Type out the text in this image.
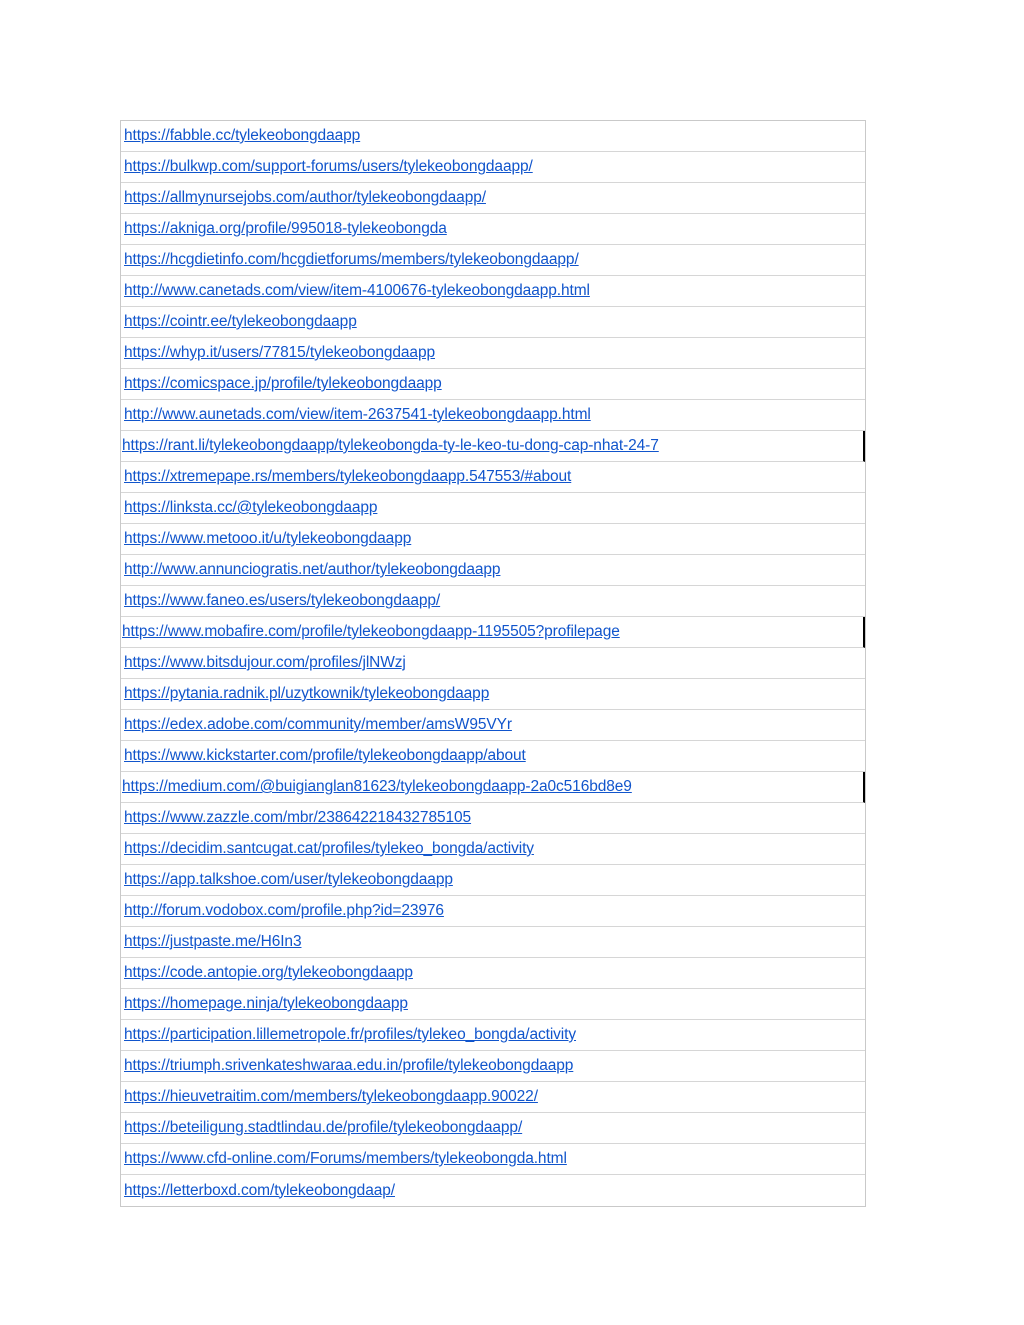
https://fabble.cc/tylekeobongdaapp
https://bulkwp.com/support-forums/users/tylekeobongdaapp/
https://allmynursejobs.com/author/tylekeobongdaapp/
https://akniga.org/profile/995018-tylekeobongda
https://hcgdietinfo.com/hcgdietforums/members/tylekeobongdaapp/
http://www.canetads.com/view/item-4100676-tylekeobongdaapp.html
https://cointr.ee/tylekeobongdaapp
https://whyp.it/users/77815/tylekeobongdaapp
https://comicspace.jp/profile/tylekeobongdaapp
http://www.aunetads.com/view/item-2637541-tylekeobongdaapp.html
https://rant.li/tylekeobongdaapp/tylekeobongda-ty-le-keo-tu-dong-cap-nhat-24-7
https://xtremepape.rs/members/tylekeobongdaapp.547553/#about
https://linksta.cc/@tylekeobongdaapp
https://www.metooo.it/u/tylekeobongdaapp
http://www.annunciogratis.net/author/tylekeobongdaapp
https://www.faneo.es/users/tylekeobongdaapp/
https://www.mobafire.com/profile/tylekeobongdaapp-1195505?profilepage
https://www.bitsdujour.com/profiles/jlNWzj
https://pytania.radnik.pl/uzytkownik/tylekeobongdaapp
https://edex.adobe.com/community/member/amsW95VYr
https://www.kickstarter.com/profile/tylekeobongdaapp/about
https://medium.com/@buigianglan81623/tylekeobongdaapp-2a0c516bd8e9
https://www.zazzle.com/mbr/238642218432785105
https://decidim.santcugat.cat/profiles/tylekeo_bongda/activity
https://app.talkshoe.com/user/tylekeobongdaapp
http://forum.vodobox.com/profile.php?id=23976
https://justpaste.me/H6In3
https://code.antopie.org/tylekeobongdaapp
https://homepage.ninja/tylekeobongdaapp
https://participation.lillemetropole.fr/profiles/tylekeo_bongda/activity
https://triumph.srivenkateshwaraa.edu.in/profile/tylekeobongdaapp
https://hieuvetraitim.com/members/tylekeobongdaapp.90022/
https://beteiligung.stadtlindau.de/profile/tylekeobongdaapp/
https://www.cfd-online.com/Forums/members/tylekeobongda.html
https://letterboxd.com/tylekeobongdaap/
